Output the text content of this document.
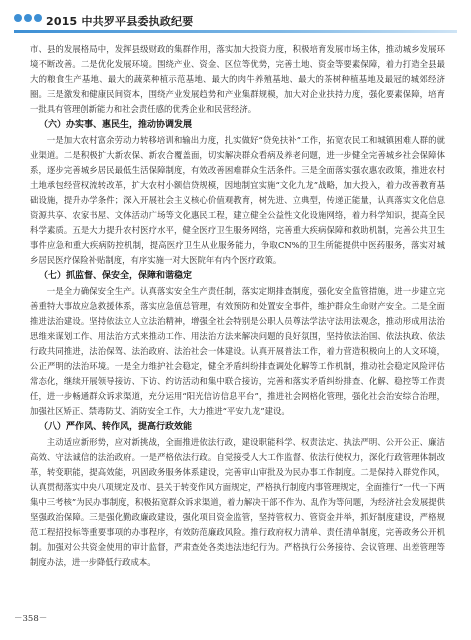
2015 中共罗平县委执政纪要

市、县的发展格局中，发挥县级财政的集群作用，落实加大投资力度，积极培育发展市场主体，推动城乡发展环境不断改善。二是优化发展环境。围绕产业、资金、区位等优势，完善土地、资金等要素保障，着力打造全县最大的粮食生产基地、最大的蔬菜种植示范基地、最大的肉牛养殖基地、最大的茶树种植基地及最冠的城郊经济圈。三是激发和健康民间资本，围绕产业发展趋势和产业集群规模，加大对企业扶持力度，强化要素保障，培育一批具有管理创新能力和社会责任感的优秀企业和民营经济。

（六）办实事、惠民生，推动协调发展

一是加大农村富余劳动力转移培训和输出力度，扎实做好“贷免扶补”工作，拓宽农民工和城镇困难人群的就业渠道。二是积极扩大新农保、新农合覆盖面，切实解决群众看病及养老问题，进一步健全完善城乡社会保障体系，逐步完善城乡居民最低生活保障制度，有效改善困难群众生活条件。三是全面落实强农惠农政策，推进农村土地承包经营权流转改革，扩大农村小额信贷规模，因地制宜实施“文化九龙”战略，加大投入，着力改善教育基础设施，提升办学条件；深入开展社会主义核心价值观教育，树先进、立典型，传递正能量，认真落实文化信息资源共享、农家书屋、文体活动广场等文化惠民工程，建立健全公益性文化设施网络，着力科学知识，提高全民科学素质。五是大力提升农村医疗水平，健全医疗卫生服务网络，完善重大疾病保障和救助机制，完善公共卫生事件应急和重大疾病防控机制，提高医疗卫生从业服务能力，争取CN%的卫生所能提供中医药服务，落实对城乡居民医疗保险补贴制度，有序实施一对大医院年有内个医疗政策。

（七）抓监督、保安全，保障和谐稳定

一是全力确保安全生产。认真落实安全生产责任制，落实定期排查制度，强化安全监管措施，进一步建立完善重特大事故应急救援体系，落实应急值总管理，有效预防和处置安全事件，维护群众生命财产安全。二是全面推进法治建设。坚持依法立人立法治精神，增强全社会特别是公职人员尊法学法守法用法观念，推动形成用法治思维来谋划工作、用法治方式来推动工作、用法治方法来解决问题的良好氛围，坚持依法治国、依法执政、依法行政共同推进，法治保驾、法治政府、法治社会一体建设。认真开展普法工作，着力营造积极向上的人文环境，公正严明的法治环境。一是全力维护社会稳定，健全矛盾纠纷排查调处化解等工作机制，推动社会稳定风险评估常态化，继续开展领导接访、下访、约访活动和集中联合接访，完善和落实矛盾纠纷排查、化解、稳控等工作责任，进一步畅通群众诉求渠道，充分运用“阳光信访信息平台”，推进社会网格化管理，强化社会治安综合治理，加强社区矫正、禁毒防艾、消防安全工作，大力推进“平安九龙”建设。

（八）严作风、转作风，提高行政效能

主动适应新形势，应对新挑战，全面推进依法行政，建设职能科学、权责法定、执法严明、公开公正、廉洁高效、守法诚信的法治政府。一是严格依法行政。自觉接受人大工作监督、依法行使权力，深化行政管理体制改革，转变职能，提高效能，巩固政务服务体系建设，完善审山审批及为民办事工作制度。二是保持入群党作风，认真贯彻落实中央八项规定及市、县关于转变作风方面规定，严格执行制度内事管理规定，全面推行“一代一下两集中三考核”为民办事制度，积极拓宽群众诉求渠道，着力解决干部不作为、乱作为等问题，为经济社会发展提供坚强政治保障。三是强化勤政廉政建设，强化项目资金监管，坚持管权力、管资金并举，抓好制度建设，严格规范工程招投标等重要事项的办事程序，有效防范廉政风险。推行政府权力清单、责任清单制度，完善政务公开机制。加强对公共资金使用的审计监督，严肃查处各类违法违纪行为。严格执行公务接待、会议管理、出差管理等制度办法，进一步降低行政成本。

－358－
